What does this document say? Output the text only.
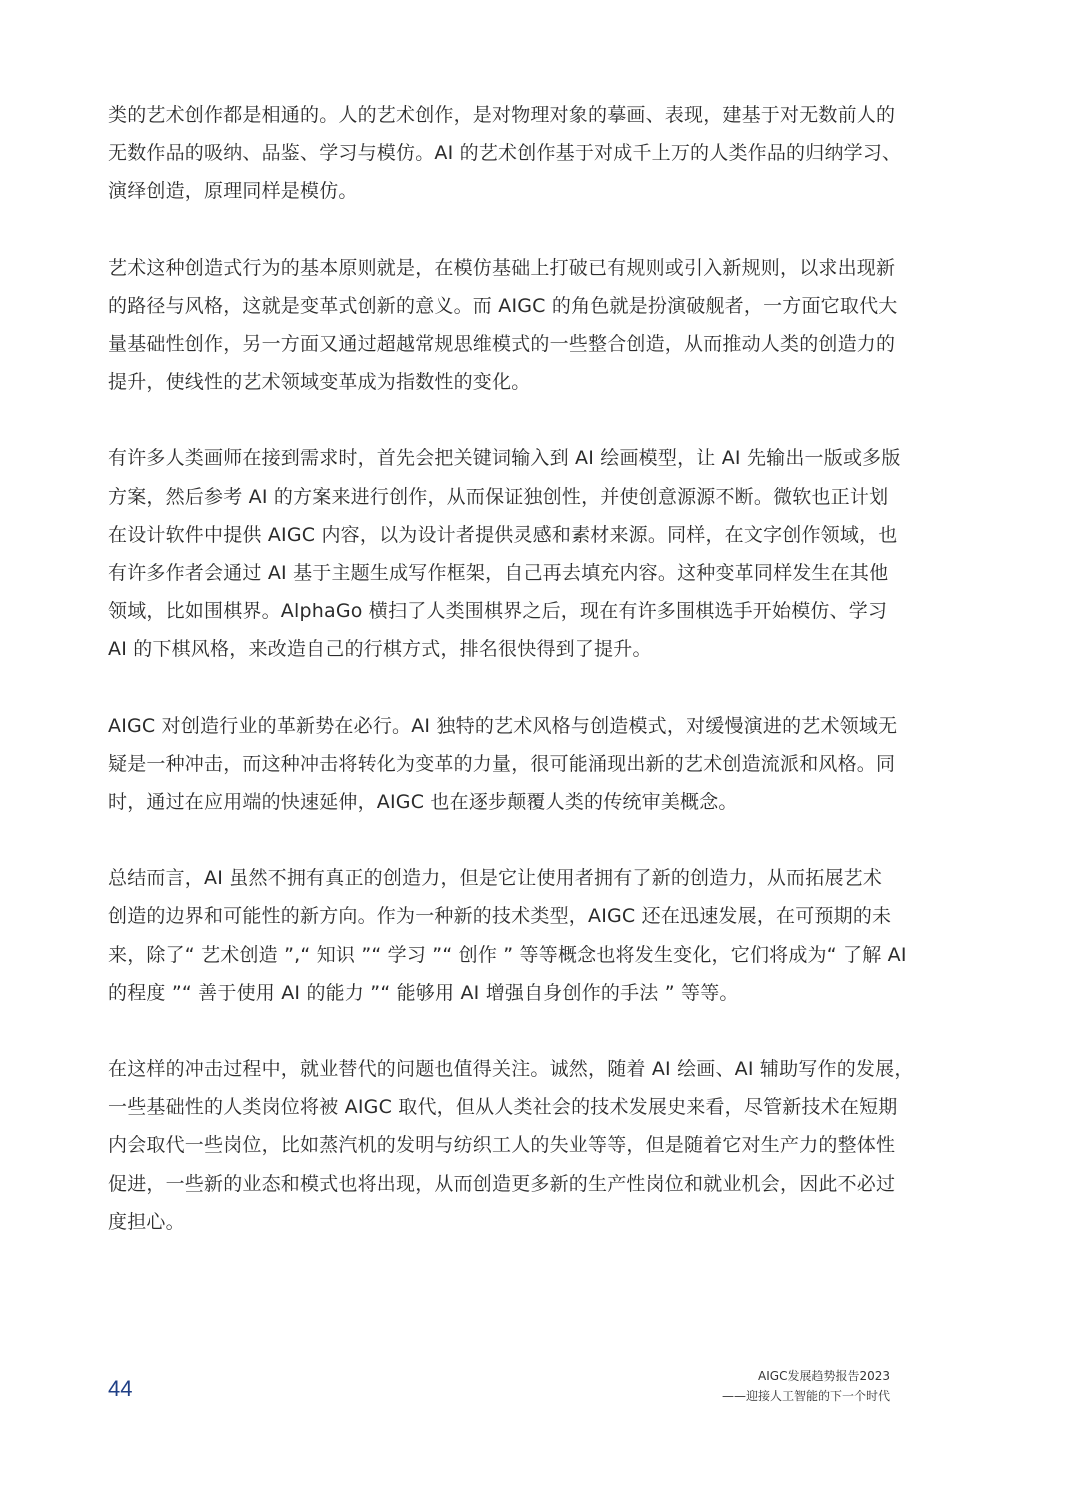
类的艺术创作都是相通的。人的艺术创作，是对物理对象的摹画、表现，建基于对无数前人的
无数作品的吸纳、品鉴、学习与模仿。AI 的艺术创作基于对成千上万的人类作品的归纳学习、
演绎创造，原理同样是模仿。

艺术这种创造式行为的基本原则就是，在模仿基础上打破已有规则或引入新规则，以求出现新
的路径与风格，这就是变革式创新的意义。而 AIGC 的角色就是扮演破舰者，一方面它取代大
量基础性创作，另一方面又通过超越常规思维模式的一些整合创造，从而推动人类的创造力的
提升，使线性的艺术领域变革成为指数性的变化。

有许多人类画师在接到需求时，首先会把关键词输入到 AI 绘画模型，让 AI 先输出一版或多版
方案，然后参考 AI 的方案来进行创作，从而保证独创性，并使创意源源不断。微软也正计划
在设计软件中提供 AIGC 内容，以为设计者提供灵感和素材来源。同样，在文字创作领域，也
有许多作者会通过 AI 基于主题生成写作框架，自己再去填充内容。这种变革同样发生在其他
领域，比如围棋界。AlphaGo 横扫了人类围棋界之后，现在有许多围棋选手开始模仿、学习
AI 的下棋风格，来改造自己的行棋方式，排名很快得到了提升。

AIGC 对创造行业的革新势在必行。AI 独特的艺术风格与创造模式，对缓慢演进的艺术领域无
疑是一种冲击，而这种冲击将转化为变革的力量，很可能涌现出新的艺术创造流派和风格。同
时，通过在应用端的快速延伸，AIGC 也在逐步颠覆人类的传统审美概念。

总结而言，AI 虽然不拥有真正的创造力，但是它让使用者拥有了新的创造力，从而拓展艺术
创造的边界和可能性的新方向。作为一种新的技术类型，AIGC 还在迅速发展，在可预期的未
来，除了“ 艺术创造 ”,“ 知识 ”“ 学习 ”“ 创作 ” 等等概念也将发生变化，它们将成为“ 了解 AI
的程度 ”“ 善于使用 AI 的能力 ”“ 能够用 AI 增强自身创作的手法 ” 等等。

在这样的冲击过程中，就业替代的问题也值得关注。诚然，随着 AI 绘画、AI 辅助写作的发展，
一些基础性的人类岗位将被 AIGC 取代，但从人类社会的技术发展史来看，尽管新技术在短期
内会取代一些岗位，比如蒸汽机的发明与纺织工人的失业等等，但是随着它对生产力的整体性
促进，一些新的业态和模式也将出现，从而创造更多新的生产性岗位和就业机会，因此不必过
度担心。

44	AIGC发展趋势报告2023
——迎接人工智能的下一个时代
